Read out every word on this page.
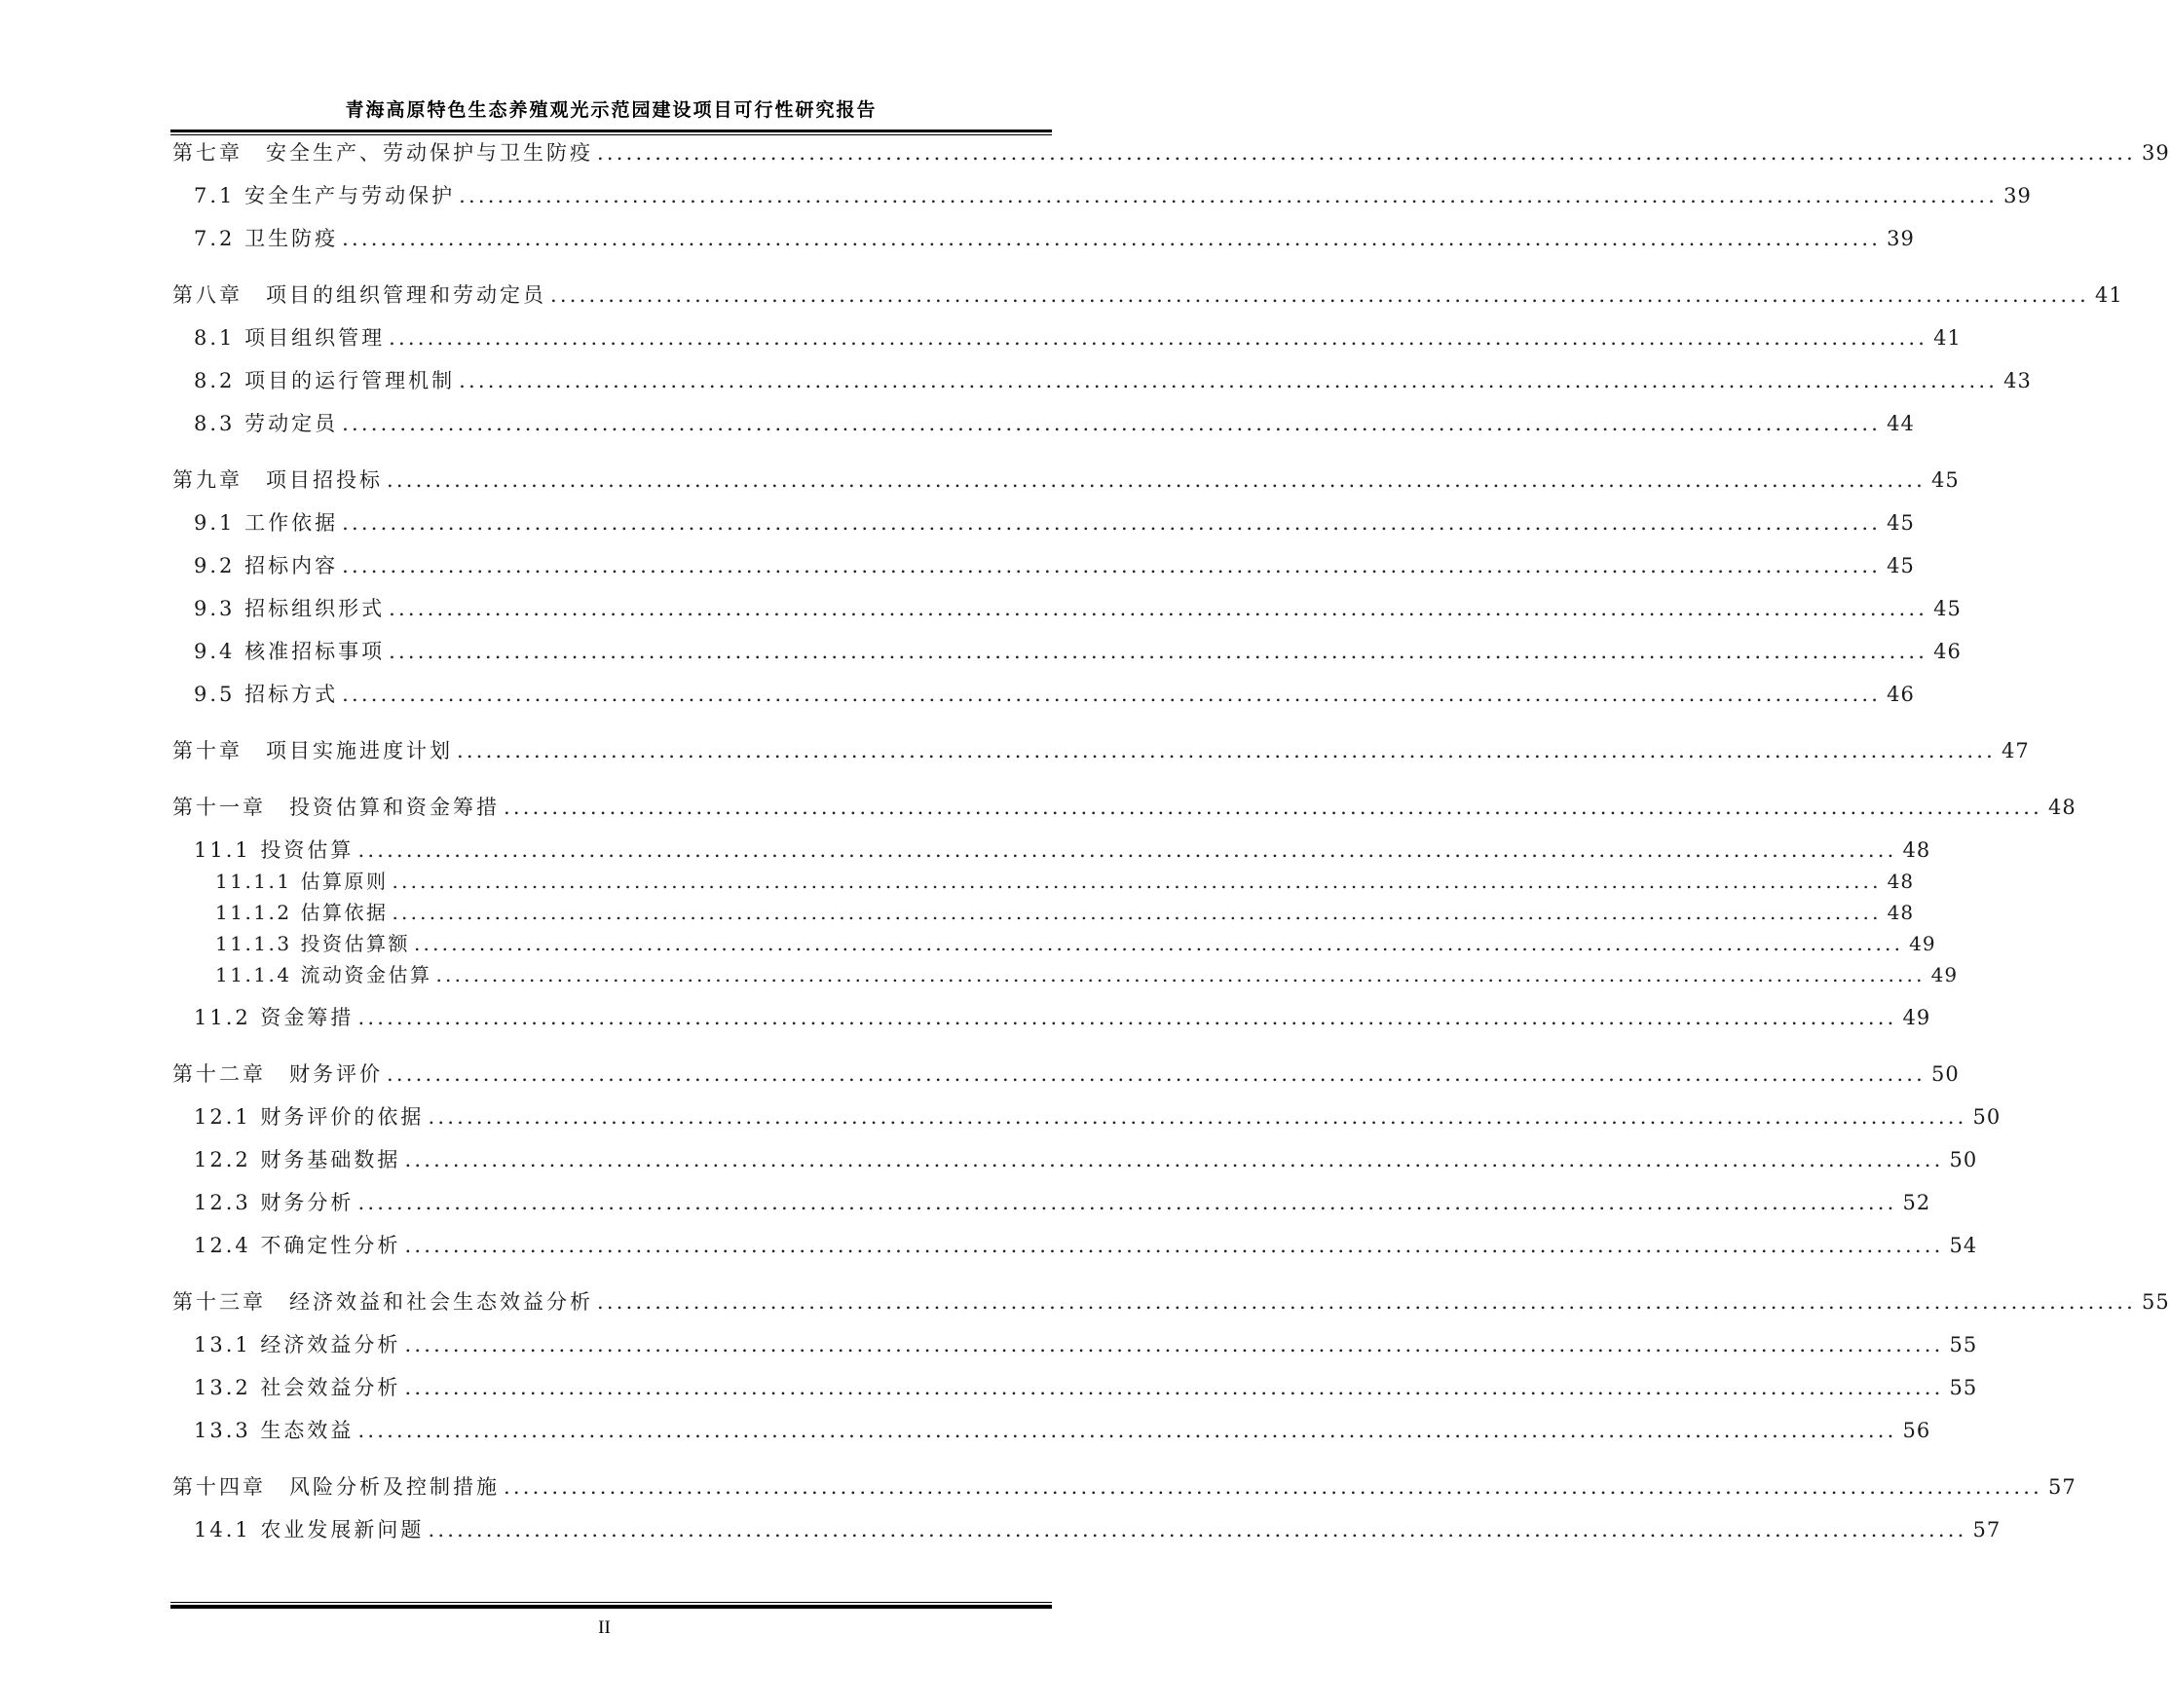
青海高原特色生态养殖观光示范园建设项目可行性研究报告
第七章　安全生产、劳动保护与卫生防疫 ................................................................................................................................................................ 39
7.1 安全生产与劳动保护 ................................................................................................................................................................ 39
7.2 卫生防疫 ................................................................................................................................................................ 39
第八章　项目的组织管理和劳动定员 ................................................................................................................................................................ 41
8.1 项目组织管理 ................................................................................................................................................................ 41
8.2 项目的运行管理机制 ................................................................................................................................................................ 43
8.3 劳动定员 ................................................................................................................................................................ 44
第九章　项目招投标 ................................................................................................................................................................ 45
9.1 工作依据 ................................................................................................................................................................ 45
9.2 招标内容 ................................................................................................................................................................ 45
9.3 招标组织形式 ................................................................................................................................................................ 45
9.4 核准招标事项 ................................................................................................................................................................ 46
9.5 招标方式 ................................................................................................................................................................ 46
第十章　项目实施进度计划 ................................................................................................................................................................ 47
第十一章　投资估算和资金筹措 ................................................................................................................................................................ 48
11.1 投资估算 ................................................................................................................................................................ 48
11.1.1 估算原则 ................................................................................................................................................................ 48
11.1.2 估算依据 ................................................................................................................................................................ 48
11.1.3 投资估算额 ................................................................................................................................................................ 49
11.1.4 流动资金估算 ................................................................................................................................................................ 49
11.2 资金筹措 ................................................................................................................................................................ 49
第十二章　财务评价 ................................................................................................................................................................ 50
12.1 财务评价的依据 ................................................................................................................................................................ 50
12.2 财务基础数据 ................................................................................................................................................................ 50
12.3 财务分析 ................................................................................................................................................................ 52
12.4 不确定性分析 ................................................................................................................................................................ 54
第十三章　经济效益和社会生态效益分析 ................................................................................................................................................................ 55
13.1 经济效益分析 ................................................................................................................................................................ 55
13.2 社会效益分析 ................................................................................................................................................................ 55
13.3 生态效益 ................................................................................................................................................................ 56
第十四章　风险分析及控制措施 ................................................................................................................................................................ 57
14.1 农业发展新问题 ................................................................................................................................................................ 57
II
